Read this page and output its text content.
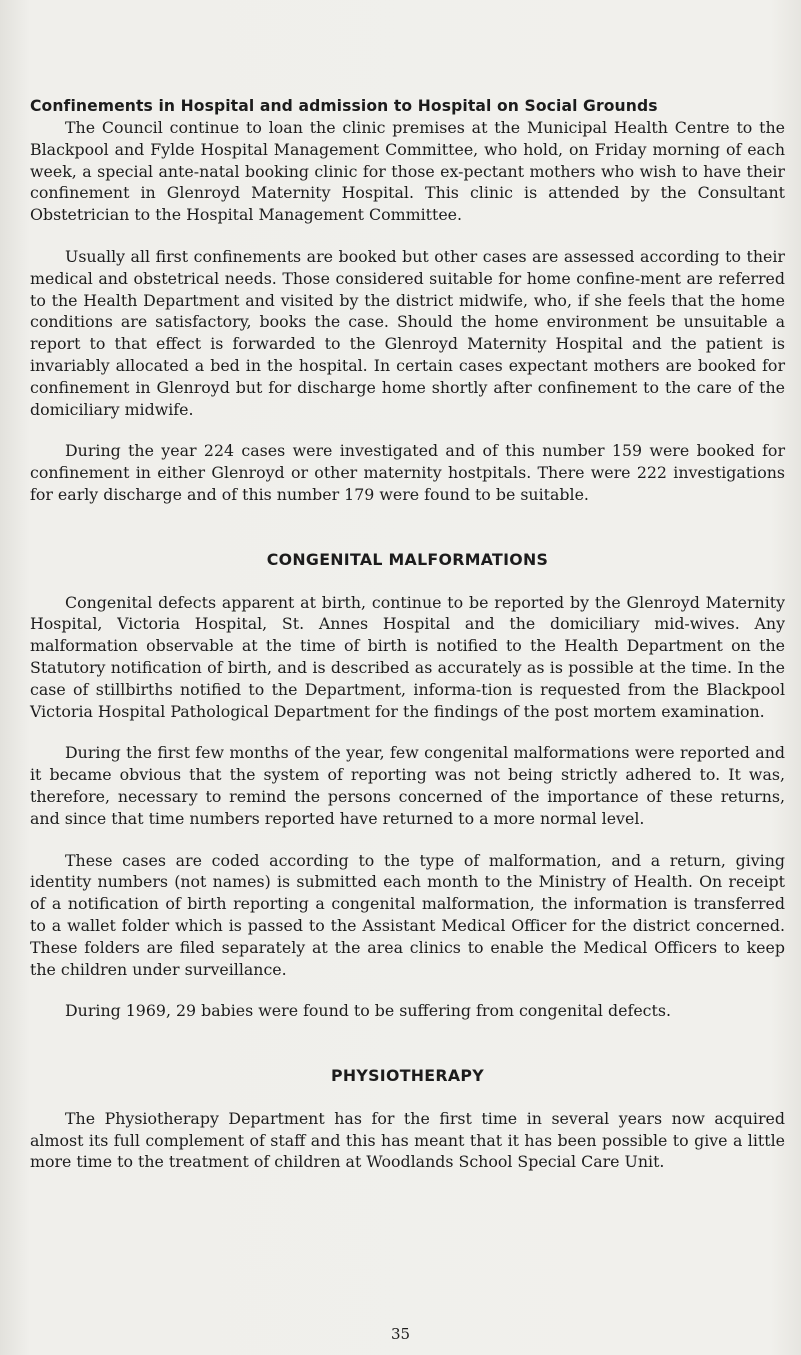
Confinements in Hospital and admission to Hospital on Social Grounds

The Council continue to loan the clinic premises at the Municipal Health Centre to the Blackpool and Fylde Hospital Management Committee, who hold, on Friday morning of each week, a special ante-natal booking clinic for those ex-pectant mothers who wish to have their confinement in Glenroyd Maternity Hospital. This clinic is attended by the Consultant Obstetrician to the Hospital Management Committee.

Usually all first confinements are booked but other cases are assessed according to their medical and obstetrical needs. Those considered suitable for home confine-ment are referred to the Health Department and visited by the district midwife, who, if she feels that the home conditions are satisfactory, books the case. Should the home environment be unsuitable a report to that effect is forwarded to the Glenroyd Maternity Hospital and the patient is invariably allocated a bed in the hospital. In certain cases expectant mothers are booked for confinement in Glenroyd but for discharge home shortly after confinement to the care of the domiciliary midwife.

During the year 224 cases were investigated and of this number 159 were booked for confinement in either Glenroyd or other maternity hostpitals. There were 222 investigations for early discharge and of this number 179 were found to be suitable.

CONGENITAL MALFORMATIONS

Congenital defects apparent at birth, continue to be reported by the Glenroyd Maternity Hospital, Victoria Hospital, St. Annes Hospital and the domiciliary mid-wives. Any malformation observable at the time of birth is notified to the Health Department on the Statutory notification of birth, and is described as accurately as is possible at the time. In the case of stillbirths notified to the Department, informa-tion is requested from the Blackpool Victoria Hospital Pathological Department for the findings of the post mortem examination.

During the first few months of the year, few congenital malformations were reported and it became obvious that the system of reporting was not being strictly adhered to. It was, therefore, necessary to remind the persons concerned of the importance of these returns, and since that time numbers reported have returned to a more normal level.

These cases are coded according to the type of malformation, and a return, giving identity numbers (not names) is submitted each month to the Ministry of Health. On receipt of a notification of birth reporting a congenital malformation, the information is transferred to a wallet folder which is passed to the Assistant Medical Officer for the district concerned. These folders are filed separately at the area clinics to enable the Medical Officers to keep the children under surveillance.

During 1969, 29 babies were found to be suffering from congenital defects.

PHYSIOTHERAPY

The Physiotherapy Department has for the first time in several years now acquired almost its full complement of staff and this has meant that it has been possible to give a little more time to the treatment of children at Woodlands School Special Care Unit.

35
